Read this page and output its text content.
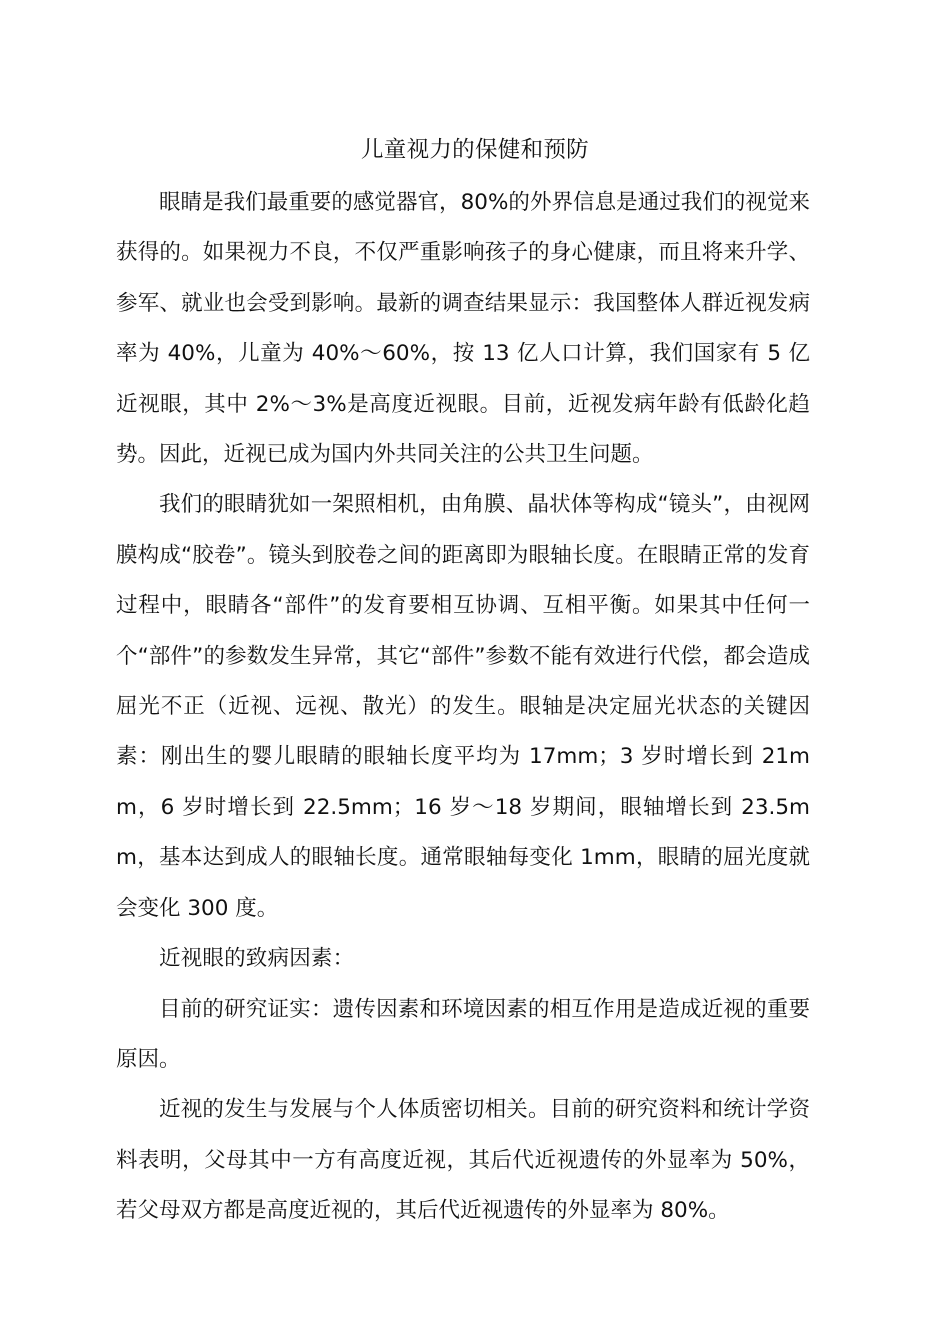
儿童视力的保健和预防

眼睛是我们最重要的感觉器官，80%的外界信息是通过我们的视觉来获得的。如果视力不良，不仅严重影响孩子的身心健康，而且将来升学、参军、就业也会受到影响。最新的调查结果显示：我国整体人群近视发病率为 40%，儿童为 40%～60%，按 13 亿人口计算，我们国家有 5 亿近视眼，其中 2%～3%是高度近视眼。目前，近视发病年龄有低龄化趋势。因此，近视已成为国内外共同关注的公共卫生问题。

我们的眼睛犹如一架照相机，由角膜、晶状体等构成“镜头”，由视网膜构成“胶卷”。镜头到胶卷之间的距离即为眼轴长度。在眼睛正常的发育过程中，眼睛各“部件”的发育要相互协调、互相平衡。如果其中任何一个“部件”的参数发生异常，其它“部件”参数不能有效进行代偿，都会造成屈光不正（近视、远视、散光）的发生。眼轴是决定屈光状态的关键因素：刚出生的婴儿眼睛的眼轴长度平均为 17mm；3 岁时增长到 21mm，6 岁时增长到 22.5mm；16 岁～18 岁期间，眼轴增长到 23.5mm，基本达到成人的眼轴长度。通常眼轴每变化 1mm，眼睛的屈光度就会变化 300 度。

近视眼的致病因素：

目前的研究证实：遗传因素和环境因素的相互作用是造成近视的重要原因。

近视的发生与发展与个人体质密切相关。目前的研究资料和统计学资料表明，父母其中一方有高度近视，其后代近视遗传的外显率为 50%，若父母双方都是高度近视的，其后代近视遗传的外显率为 80%。
